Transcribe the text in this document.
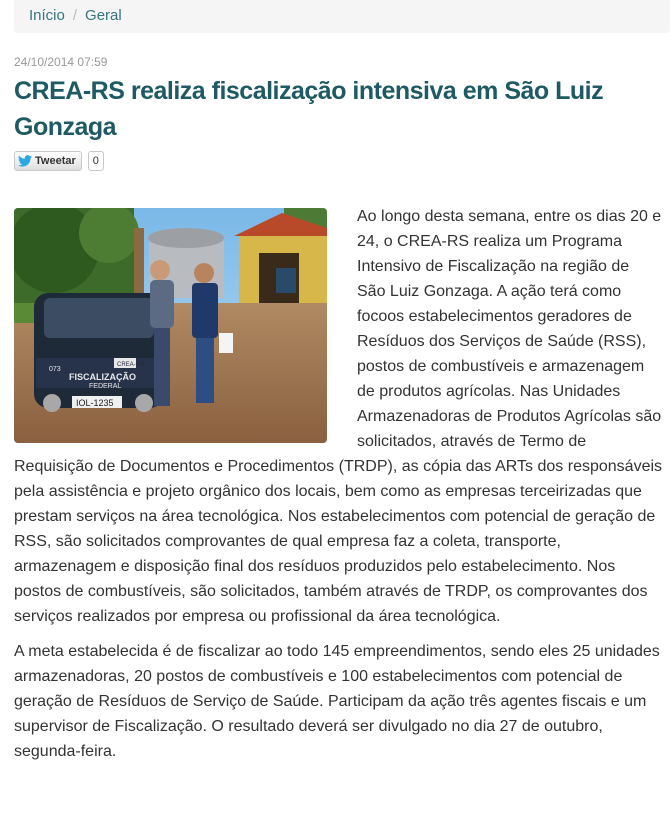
Início / Geral
24/10/2014 07:59
CREA-RS realiza fiscalização intensiva em São Luiz Gonzaga
Tweetar	0
CREA-RS
073
FISCALIZAÇÃO
FEDERAL
IOL-1235

Ao longo desta semana, entre os dias 20 e 24, o CREA-RS realiza um Programa Intensivo de Fiscalização na região de São Luiz Gonzaga. A ação terá como focoos estabelecimentos geradores de Resíduos dos Serviços de Saúde (RSS), postos de combustíveis e armazenagem de produtos agrícolas. Nas Unidades Armazenadoras de Produtos Agrícolas são solicitados, através de Termo de Requisição de Documentos e Procedimentos (TRDP), as cópia das ARTs dos responsáveis pela assistência e projeto orgânico dos locais, bem como as empresas terceirizadas que prestam serviços na área tecnológica. Nos estabelecimentos com potencial de geração de RSS, são solicitados comprovantes de qual empresa faz a coleta, transporte, armazenagem e disposição final dos resíduos produzidos pelo estabelecimento. Nos postos de combustíveis, são solicitados, também através de TRDP, os comprovantes dos serviços realizados por empresa ou profissional da área tecnológica.

A meta estabelecida é de fiscalizar ao todo 145 empreendimentos, sendo eles 25 unidades armazenadoras, 20 postos de combustíveis e 100 estabelecimentos com potencial de geração de Resíduos de Serviço de Saúde. Participam da ação três agentes fiscais e um supervisor de Fiscalização. O resultado deverá ser divulgado no dia 27 de outubro, segunda-feira.
